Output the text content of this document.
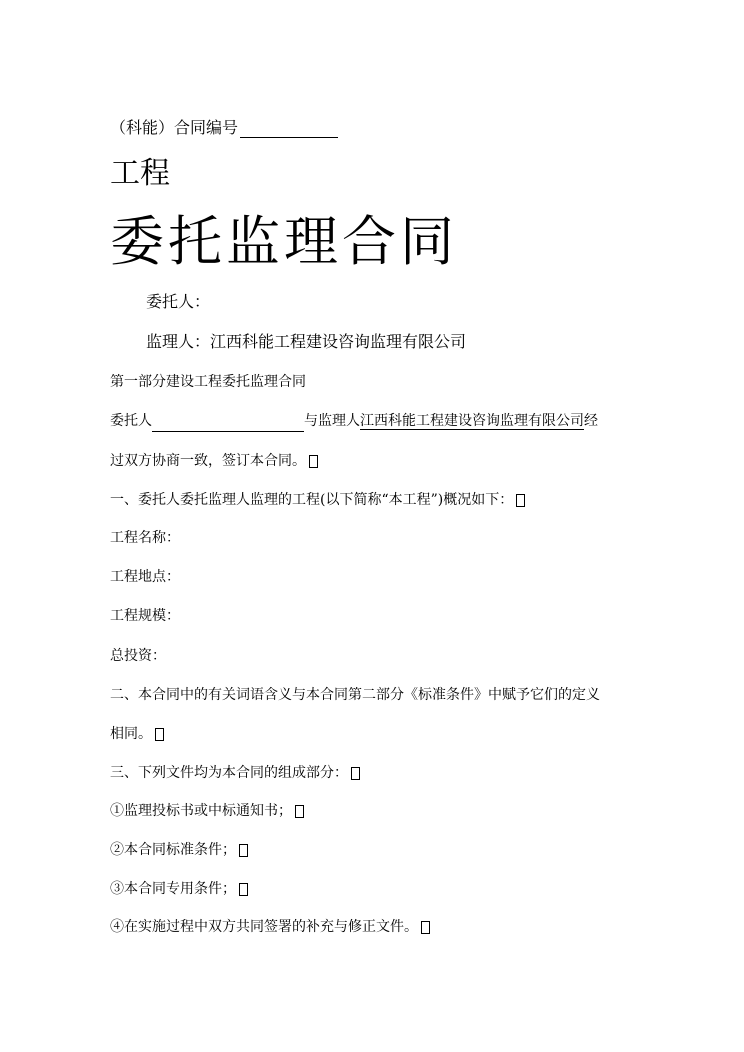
（科能）合同编号
工程
委托监理合同
委托人：
监理人：江西科能工程建设咨询监理有限公司
第一部分建设工程委托监理合同
委托人	与监理人江西科能工程建设咨询监理有限公司经
过双方协商一致，签订本合同。
一、委托人委托监理人监理的工程(以下简称“本工程”)概况如下：
工程名称：
工程地点：
工程规模：
总投资：
二、本合同中的有关词语含义与本合同第二部分《标准条件》中赋予它们的定义
相同。
三、下列文件均为本合同的组成部分：
①监理投标书或中标通知书；
②本合同标准条件；
③本合同专用条件；
④在实施过程中双方共同签署的补充与修正文件。
